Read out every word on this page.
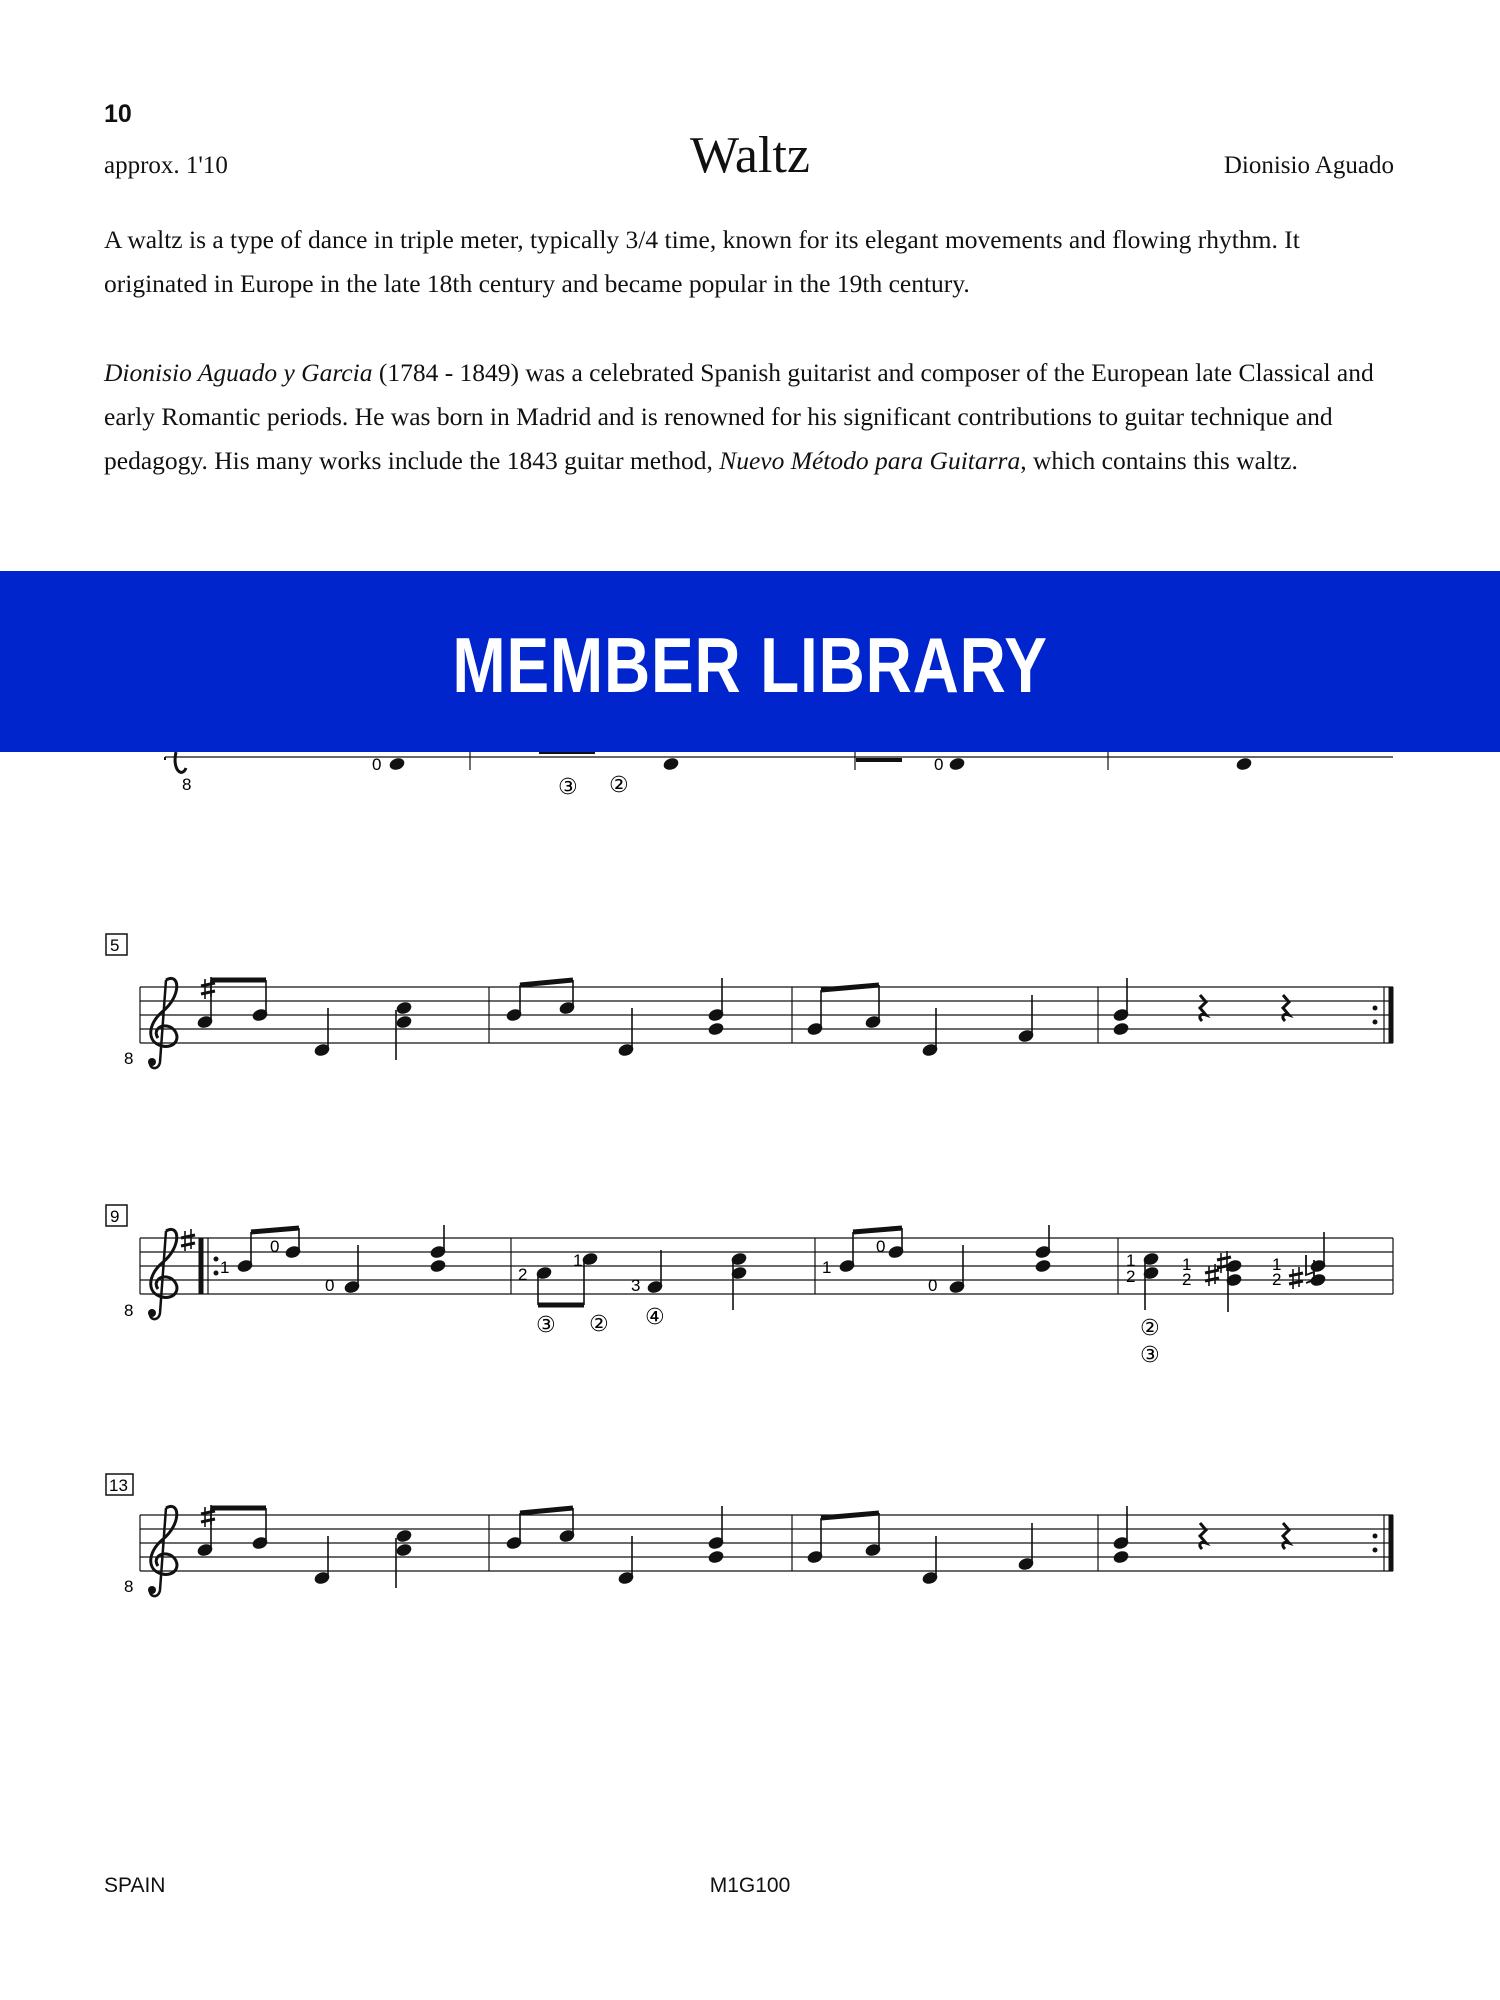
10
approx. 1'10	Waltz	Dionisio Aguado

A waltz is a type of dance in triple meter, typically 3/4 time, known for its elegant movements and flowing rhythm. It originated in Europe in the late 18th century and became popular in the 19th century.

Dionisio Aguado y Garcia (1784 - 1849) was a celebrated Spanish guitarist and composer of the European late Classical and early Romantic periods. He was born in Madrid and is renowned for his significant contributions to guitar technique and pedagogy. His many works include the 1843 guitar method, Nuevo Método para Guitarra, which contains this waltz.

MEMBER LIBRARY
8
0
③ ②
0
5
8
9
8
1
0
0
2
1
3
③ ② ④
1
0
0
1
2
1
2
1
2
②
③
13
8
SPAIN	M1G100
